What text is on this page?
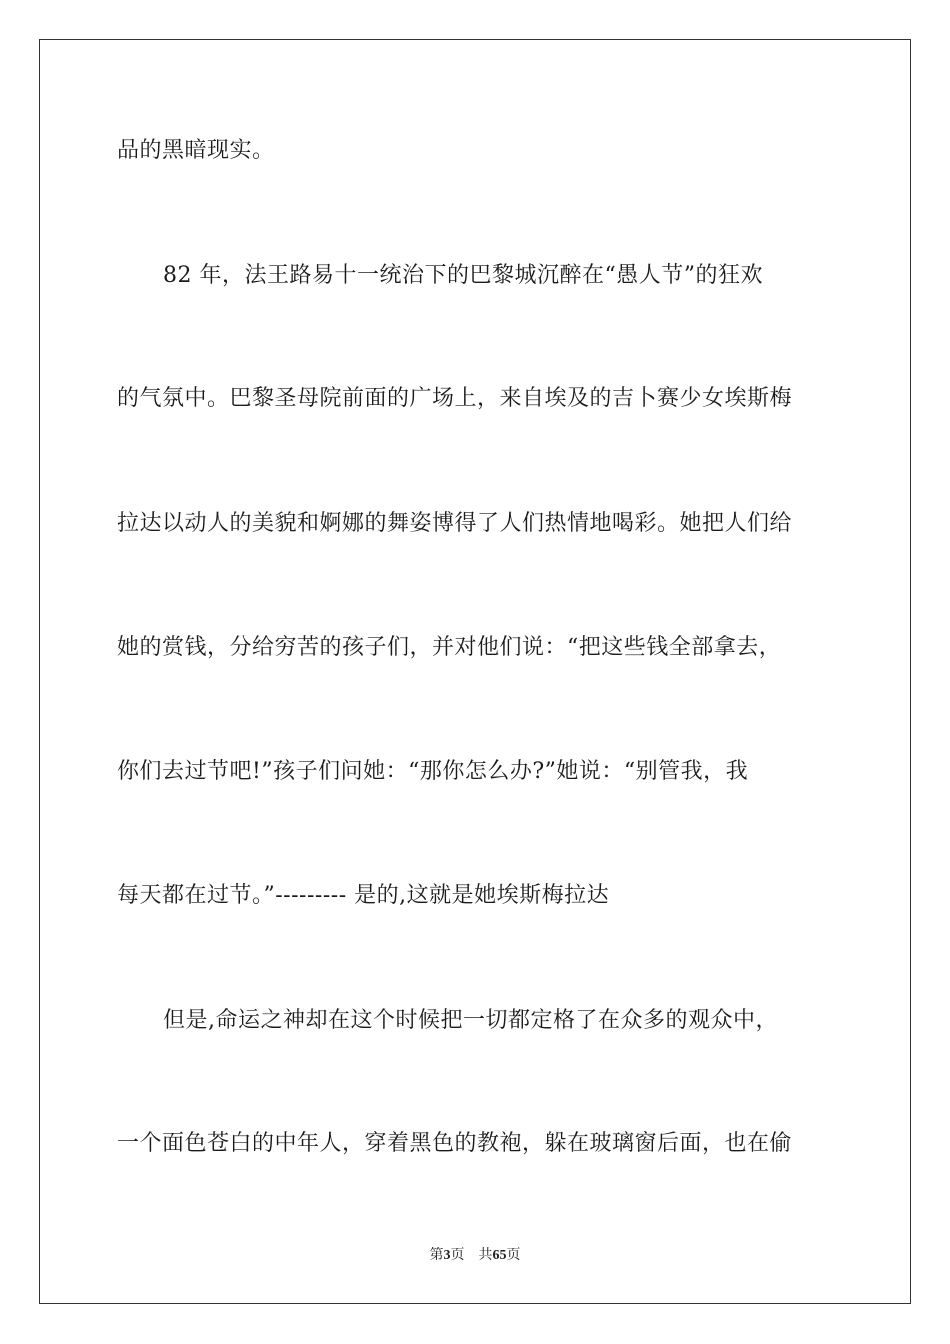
品的黑暗现实。
82 年，法王路易十一统治下的巴黎城沉醉在“愚人节”的狂欢
的气氛中。巴黎圣母院前面的广场上，来自埃及的吉卜赛少女埃斯梅
拉达以动人的美貌和婀娜的舞姿博得了人们热情地喝彩。她把人们给
她的赏钱，分给穷苦的孩子们，并对他们说：“把这些钱全部拿去，
你们去过节吧!”孩子们问她：“那你怎么办?”她说：“别管我，我
每天都在过节。”--------- 是的,这就是她埃斯梅拉达
但是,命运之神却在这个时候把一切都定格了在众多的观众中，
一个面色苍白的中年人，穿着黑色的教袍，躲在玻璃窗后面，也在偷
第3页 共65页
